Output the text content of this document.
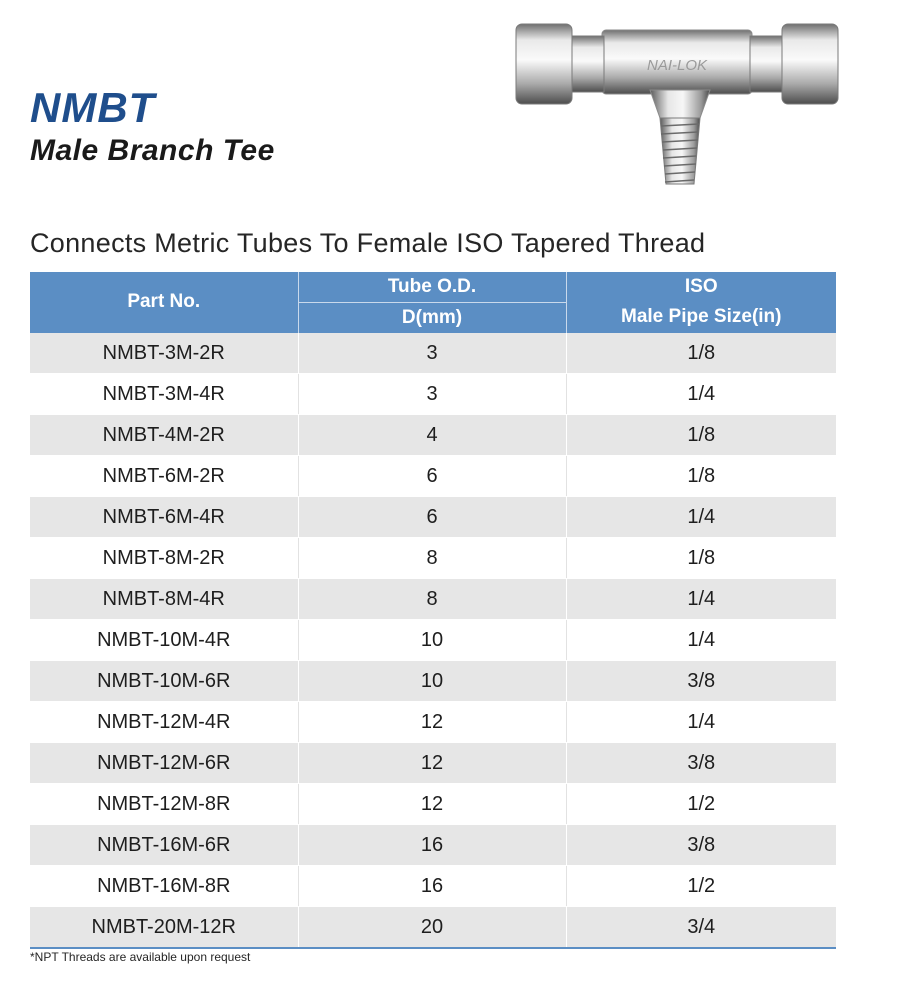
NMBT
Male Branch Tee
NAI-LOK

Connects Metric Tubes To Female ISO Tapered Thread

Part No.	Tube O.D.	ISO
	D(mm)	Male Pipe Size(in)
NMBT-3M-2R	3	1/8
NMBT-3M-4R	3	1/4
NMBT-4M-2R	4	1/8
NMBT-6M-2R	6	1/8
NMBT-6M-4R	6	1/4
NMBT-8M-2R	8	1/8
NMBT-8M-4R	8	1/4
NMBT-10M-4R	10	1/4
NMBT-10M-6R	10	3/8
NMBT-12M-4R	12	1/4
NMBT-12M-6R	12	3/8
NMBT-12M-8R	12	1/2
NMBT-16M-6R	16	3/8
NMBT-16M-8R	16	1/2
NMBT-20M-12R	20	3/4

*NPT Threads are available upon request
